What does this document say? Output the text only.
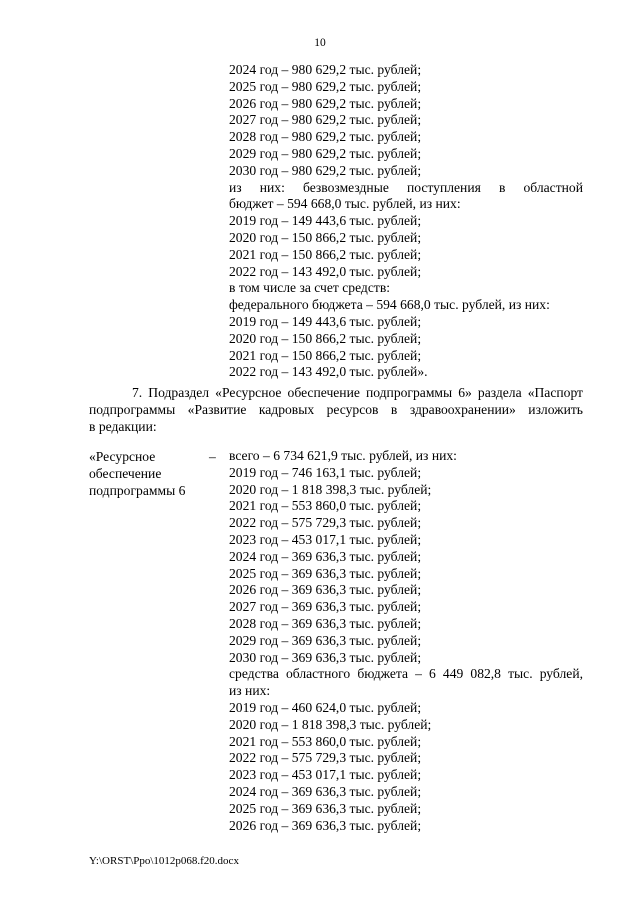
10
2024 год – 980 629,2 тыс. рублей;
2025 год – 980 629,2 тыс. рублей;
2026 год – 980 629,2 тыс. рублей;
2027 год – 980 629,2 тыс. рублей;
2028 год – 980 629,2 тыс. рублей;
2029 год – 980 629,2 тыс. рублей;
2030 год – 980 629,2 тыс. рублей;
из них: безвозмездные поступления в областной
бюджет – 594 668,0 тыс. рублей, из них:
2019 год – 149 443,6 тыс. рублей;
2020 год – 150 866,2 тыс. рублей;
2021 год – 150 866,2 тыс. рублей;
2022 год – 143 492,0 тыс. рублей;
в том числе за счет средств:
федерального бюджета – 594 668,0 тыс. рублей, из них:
2019 год – 149 443,6 тыс. рублей;
2020 год – 150 866,2 тыс. рублей;
2021 год – 150 866,2 тыс. рублей;
2022 год – 143 492,0 тыс. рублей».
7. Подраздел «Ресурсное обеспечение подпрограммы 6» раздела «Паспорт
подпрограммы «Развитие кадровых ресурсов в здравоохранении» изложить
в редакции:
«Ресурсное
обеспечение
подпрограммы 6
– всего – 6 734 621,9 тыс. рублей, из них:
2019 год – 746 163,1 тыс. рублей;
2020 год – 1 818 398,3 тыс. рублей;
2021 год – 553 860,0 тыс. рублей;
2022 год – 575 729,3 тыс. рублей;
2023 год – 453 017,1 тыс. рублей;
2024 год – 369 636,3 тыс. рублей;
2025 год – 369 636,3 тыс. рублей;
2026 год – 369 636,3 тыс. рублей;
2027 год – 369 636,3 тыс. рублей;
2028 год – 369 636,3 тыс. рублей;
2029 год – 369 636,3 тыс. рублей;
2030 год – 369 636,3 тыс. рублей;
средства областного бюджета – 6 449 082,8 тыс. рублей,
из них:
2019 год – 460 624,0 тыс. рублей;
2020 год – 1 818 398,3 тыс. рублей;
2021 год – 553 860,0 тыс. рублей;
2022 год – 575 729,3 тыс. рублей;
2023 год – 453 017,1 тыс. рублей;
2024 год – 369 636,3 тыс. рублей;
2025 год – 369 636,3 тыс. рублей;
2026 год – 369 636,3 тыс. рублей;
Y:\ORST\Ppo\1012p068.f20.docx
